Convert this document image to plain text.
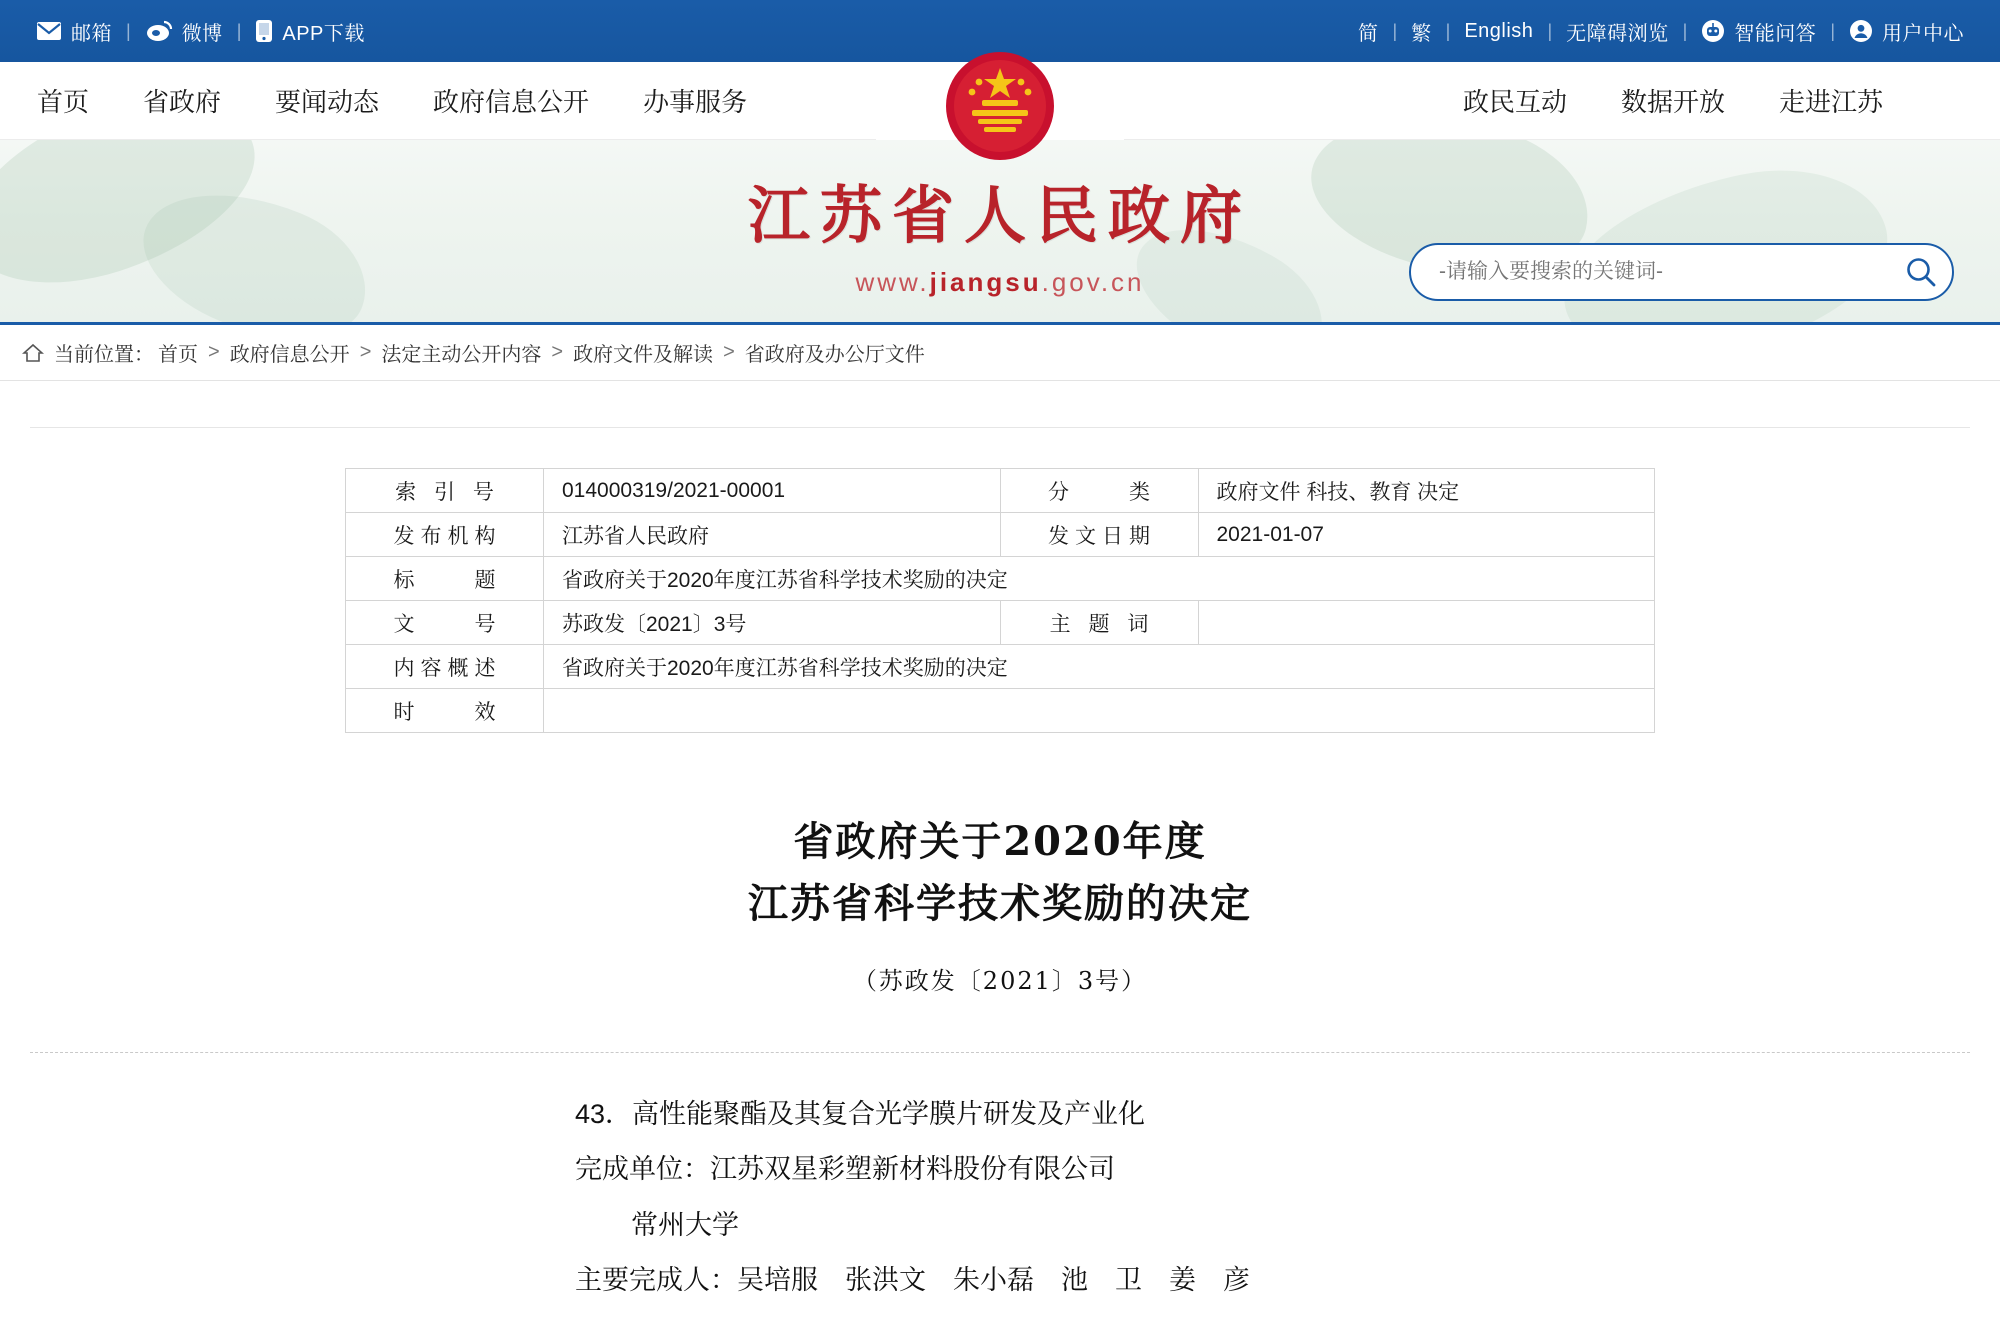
邮箱 |	微博 | APP下载	简 | 繁 | English | 无障碍浏览 | 智能问答 | 用户中心
首页	省政府	要闻动态	政府信息公开	办事服务	政民互动	数据开放	走进江苏
江苏省人民政府
www.jiangsu.gov.cn
-请输入要搜索的关键词-
当前位置： 首页 > 政府信息公开 > 法定主动公开内容 > 政府文件及解读 > 省政府及办公厅文件
索 引 号	014000319/2021-00001	分　　类	政府文件 科技、教育 决定
发布机构	江苏省人民政府	发文日期	2021-01-07
标　　题	省政府关于2020年度江苏省科学技术奖励的决定		
文　　号	苏政发〔2021〕3号	主 题 词	
内容概述	省政府关于2020年度江苏省科学技术奖励的决定		
时　　效			
省政府关于2020年度
江苏省科学技术奖励的决定
（苏政发〔2021〕3号）
43．高性能聚酯及其复合光学膜片研发及产业化
完成单位：江苏双星彩塑新材料股份有限公司
常州大学
主要完成人：吴培服　张洪文　朱小磊　池　卫　姜　彦
